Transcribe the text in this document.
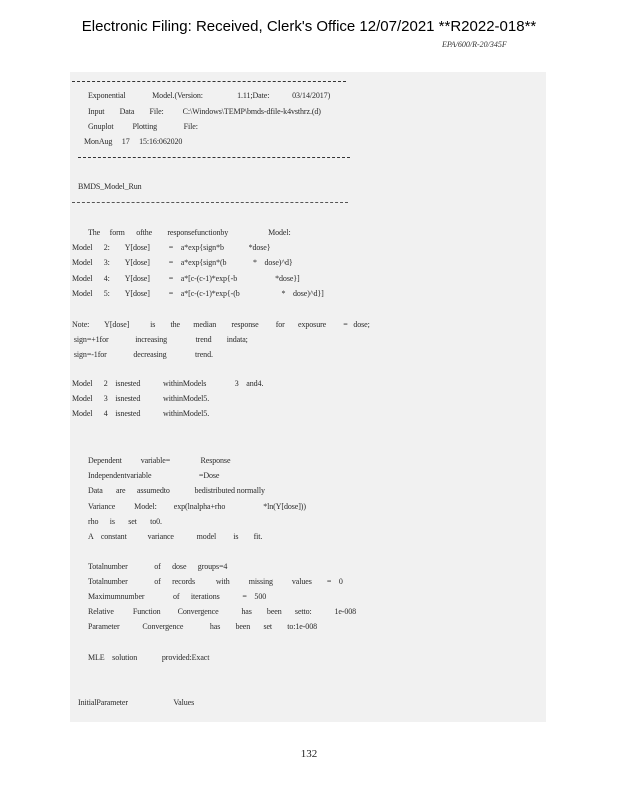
Electronic Filing: Received, Clerk's Office 12/07/2021 **R2022-018**
EPA/600/R-20/345F
Exponential              Model.(Version:                  1.11;Date:            03/14/2017)
Input        Data        File:          C:\Windows\TEMP\bmds-dfile-k4vsthrz.(d)
Gnuplot          Plotting              File:
MonAug     17     15:16:062020
BMDS_Model_Run
The     form      ofthe        responsefunctionby                     Model:
Model      2:        Y[dose]          =    a*exp{sign*b             *dose}
Model      3:        Y[dose]          =    a*exp{sign*(b              *    dose)^d}
Model      4:        Y[dose]          =    a*[c-(c-1)*exp{-b                    *dose}]
Model      5:        Y[dose]          =    a*[c-(c-1)*exp{-(b                      *    dose)^d}]
Note:        Y[dose]           is        the       median        response         for       exposure         =   dose;
sign=+1for              increasing               trend        indata;
sign=-1for              decreasing               trend.
Model      2    isnested            withinModels               3    and4.
Model      3    isnested            withinModel5.
Model      4    isnested            withinModel5.
Dependent          variable=                Response
Independentvariable                         =Dose
Data       are      assumedto             bedistributed normally
Variance          Model:         exp(lnalpha+rho                    *ln(Y[dose]))
rho      is       set       to0.
A    constant           variance            model         is        fit.
Totalnumber              of      dose      groups=4
Totalnumber              of      records           with          missing          values        =    0
Maximumnumber               of      iterations            =    500
Relative          Function         Convergence            has        been       setto:            1e-008
Parameter            Convergence              has        been       set        to:1e-008
MLE    solution             provided:Exact
InitialParameter                        Values
132
